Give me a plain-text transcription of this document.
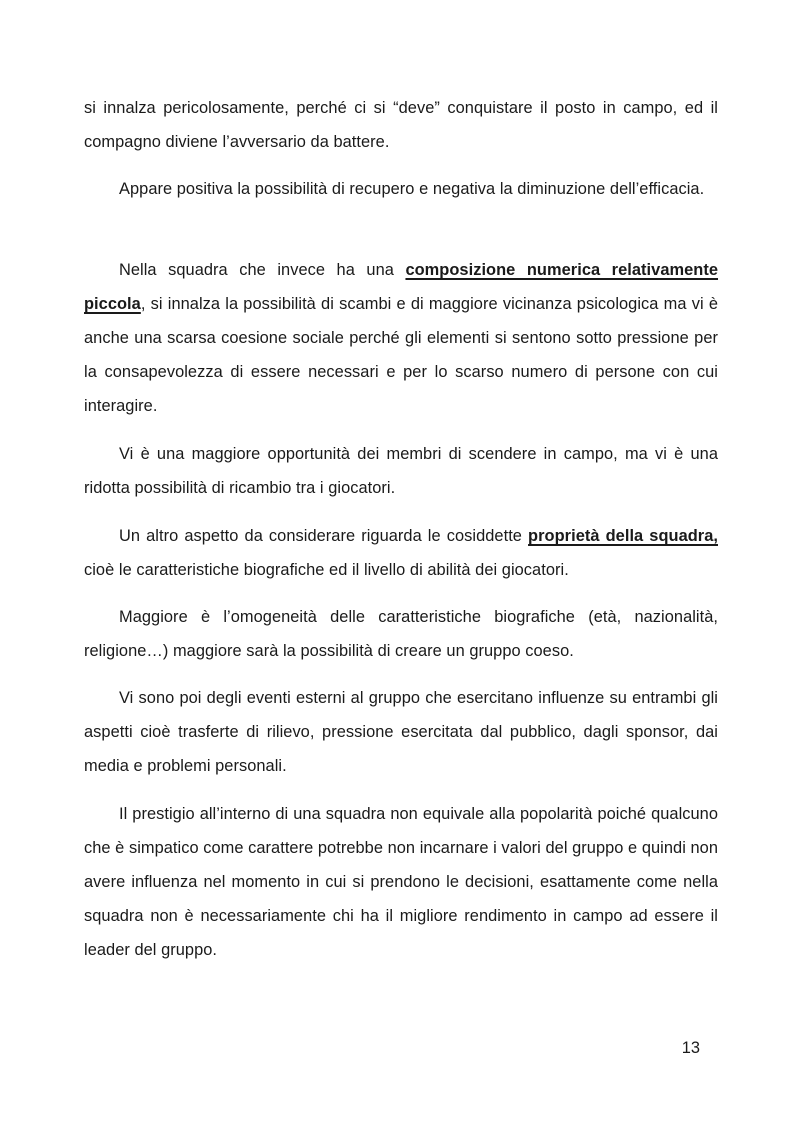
si innalza pericolosamente, perché ci si “deve” conquistare il posto in campo, ed il compagno diviene l’avversario da battere.

Appare positiva la possibilità di recupero e negativa la diminuzione dell’efficacia.

Nella squadra che invece ha una composizione numerica relativamente piccola, si innalza la possibilità di scambi e di maggiore vicinanza psicologica ma vi è anche una scarsa coesione sociale perché gli elementi si sentono sotto pressione per la consapevolezza di essere necessari e per lo scarso numero di persone con cui interagire.

Vi è una maggiore opportunità dei membri di scendere in campo, ma vi è una ridotta possibilità di ricambio tra i giocatori.

Un altro aspetto da considerare riguarda le cosiddette proprietà della squadra, cioè le caratteristiche biografiche ed il livello di abilità dei giocatori.

Maggiore è l’omogeneità delle caratteristiche biografiche (età, nazionalità, religione…) maggiore sarà la possibilità di creare un gruppo coeso.

Vi sono poi degli eventi esterni al gruppo che esercitano influenze su entrambi gli aspetti cioè trasferte di rilievo, pressione esercitata dal pubblico, dagli sponsor, dai media e problemi personali.

Il prestigio all’interno di una squadra non equivale alla popolarità poiché qualcuno che è simpatico come carattere potrebbe non incarnare i valori del gruppo e quindi non avere influenza nel momento in cui si prendono le decisioni, esattamente come nella squadra non è necessariamente chi ha il migliore rendimento in campo ad essere il leader del gruppo.

13
